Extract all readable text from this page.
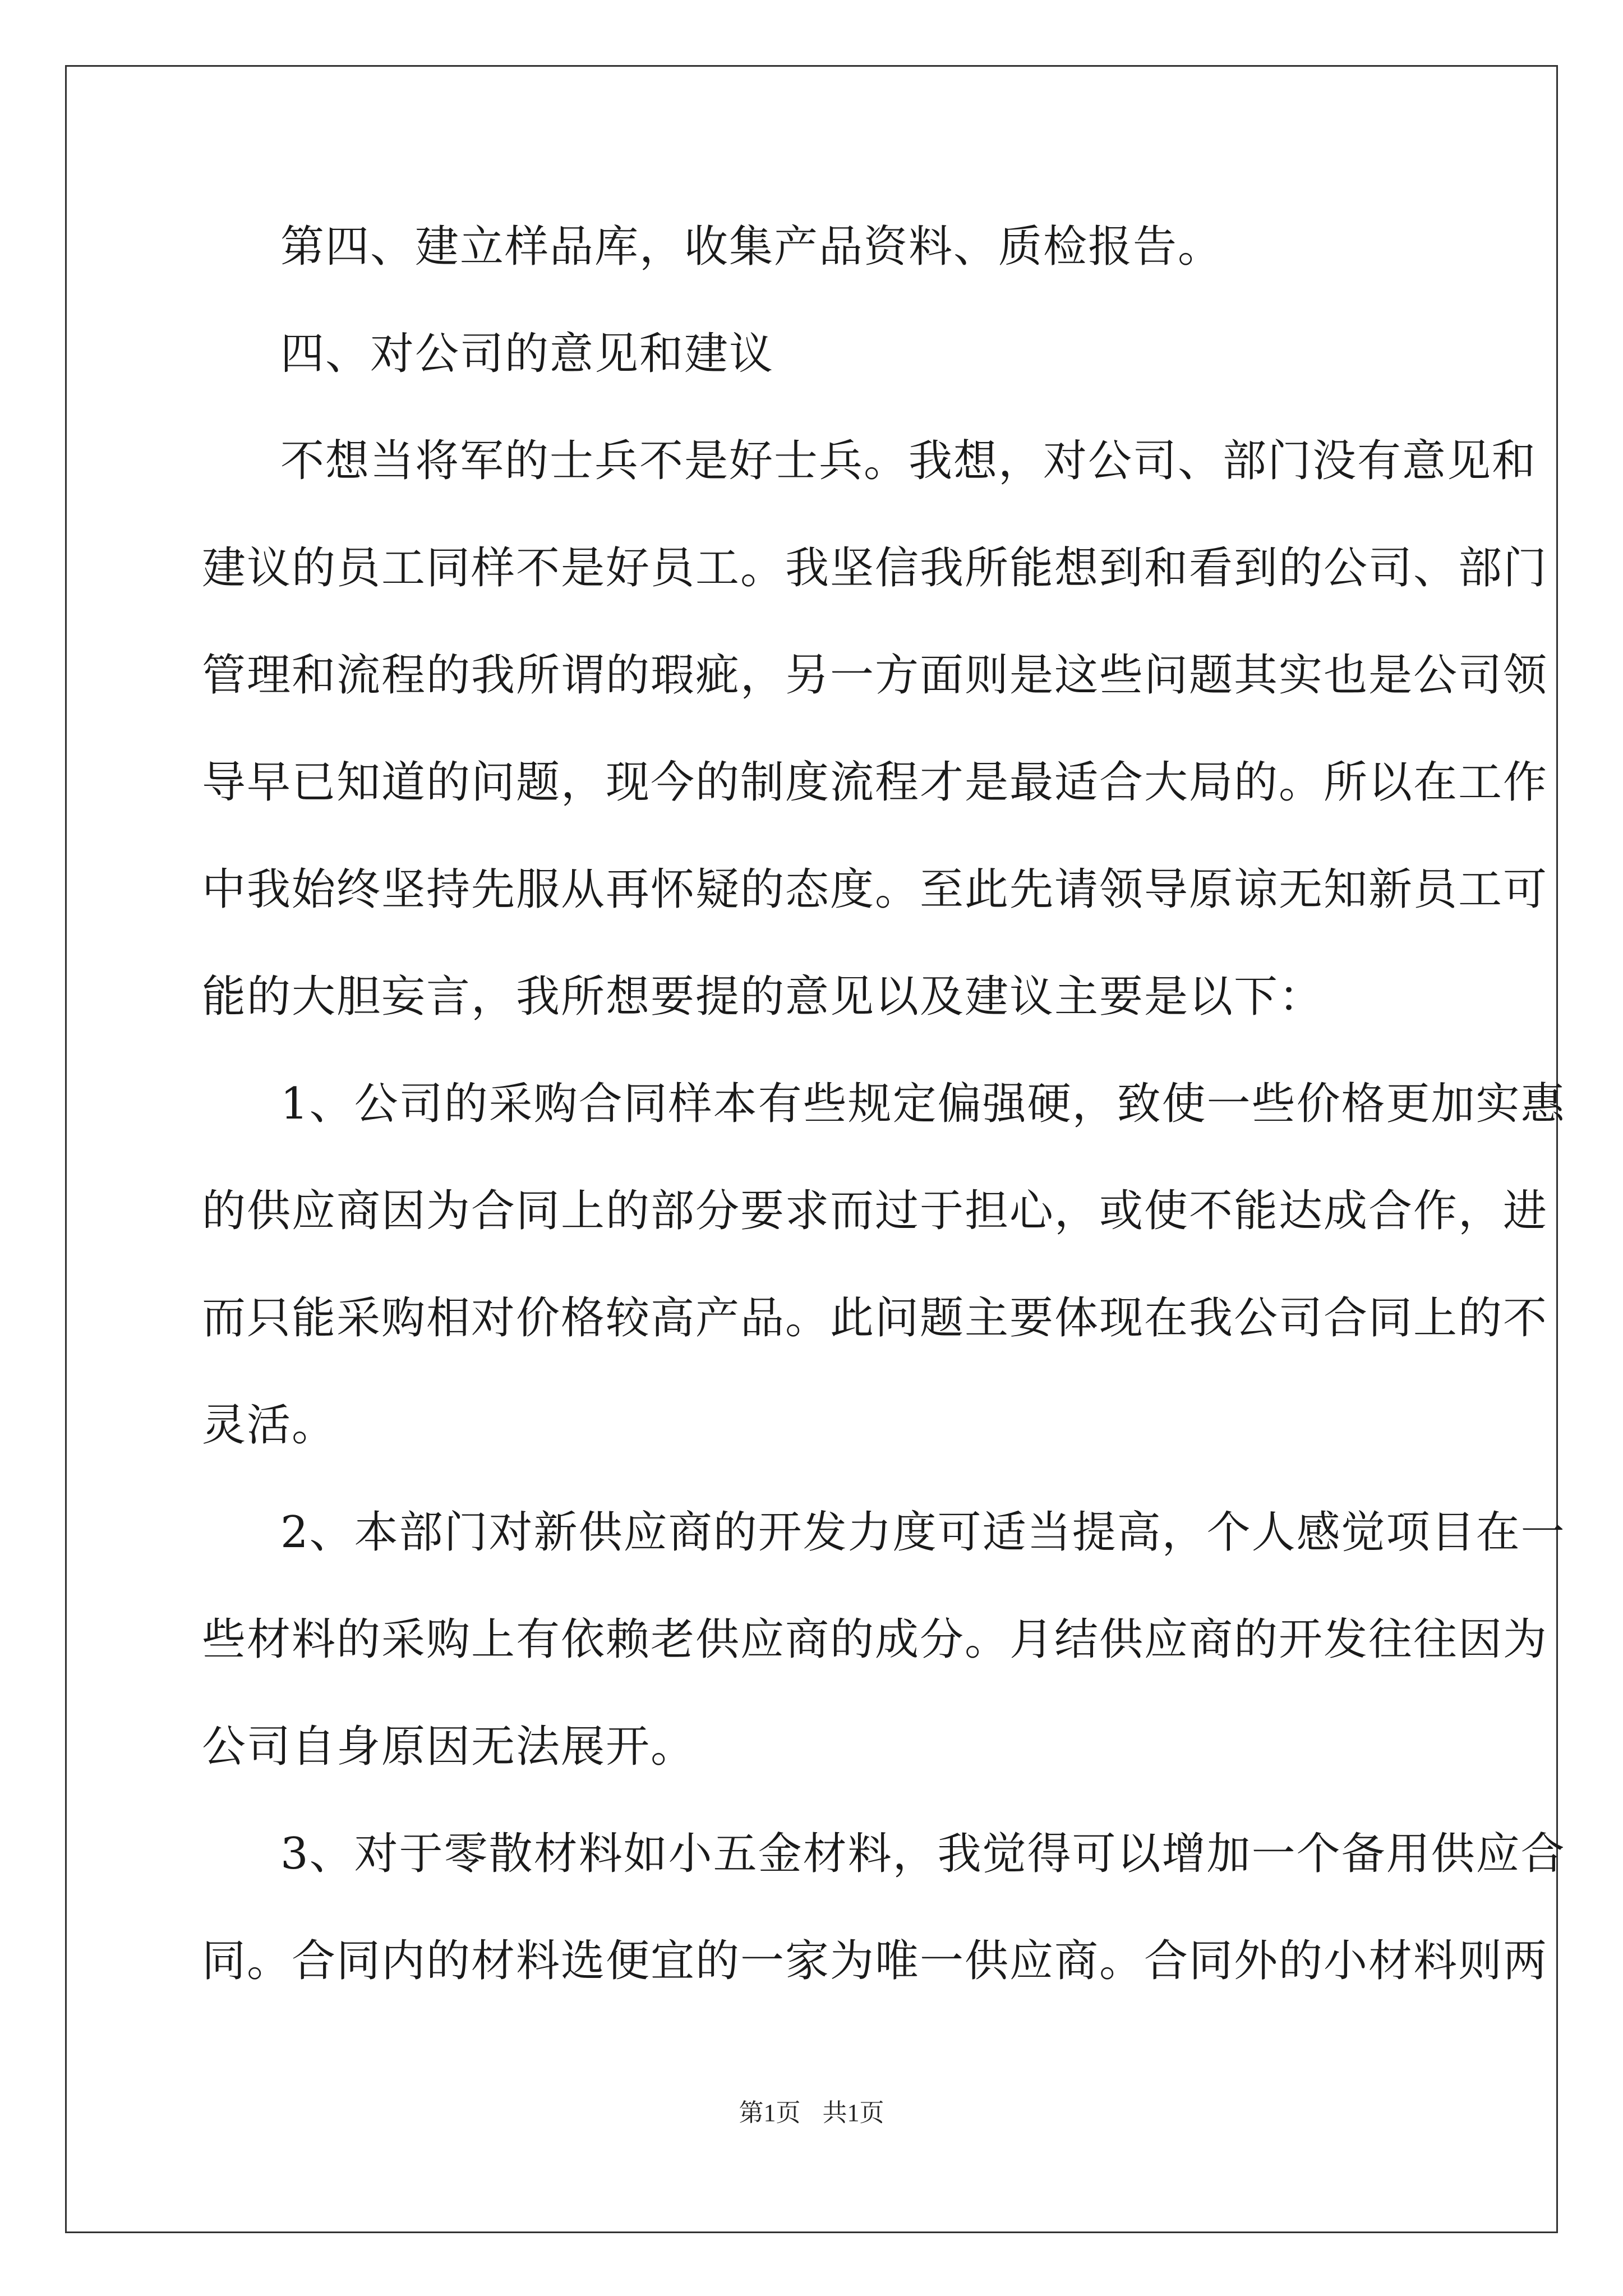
第四、建立样品库，收集产品资料、质检报告。
四、对公司的意见和建议
不想当将军的士兵不是好士兵。我想，对公司、部门没有意见和
建议的员工同样不是好员工。我坚信我所能想到和看到的公司、部门
管理和流程的我所谓的瑕疵，另一方面则是这些问题其实也是公司领
导早已知道的问题，现今的制度流程才是最适合大局的。所以在工作
中我始终坚持先服从再怀疑的态度。至此先请领导原谅无知新员工可
能的大胆妄言，我所想要提的意见以及建议主要是以下：
1、公司的采购合同样本有些规定偏强硬，致使一些价格更加实惠
的供应商因为合同上的部分要求而过于担心，或使不能达成合作，进
而只能采购相对价格较高产品。此问题主要体现在我公司合同上的不
灵活。
2、本部门对新供应商的开发力度可适当提高，个人感觉项目在一
些材料的采购上有依赖老供应商的成分。月结供应商的开发往往因为
公司自身原因无法展开。
3、对于零散材料如小五金材料，我觉得可以增加一个备用供应合
同。合同内的材料选便宜的一家为唯一供应商。合同外的小材料则两
第1页 共1页
